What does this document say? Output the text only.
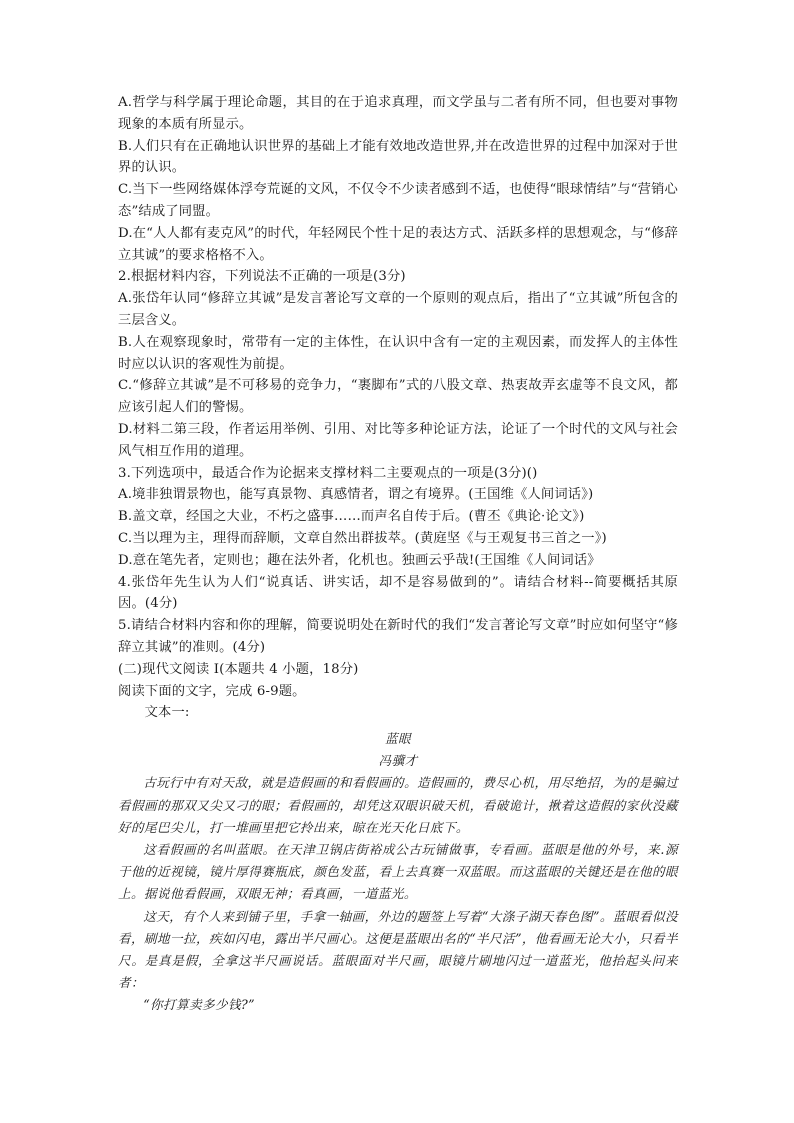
A.哲学与科学属于理论命题，其目的在于追求真理，而文学虽与二者有所不同，但也要对事物现象的本质有所显示。

B.人们只有在正确地认识世界的基础上才能有效地改造世界,并在改造世界的过程中加深对于世界的认识。

C.当下一些网络媒体浮夸荒诞的文风，不仅令不少读者感到不适，也使得“眼球情结”与“营销心态”结成了同盟。

D.在“人人都有麦克风”的时代，年轻网民个性十足的表达方式、活跃多样的思想观念，与“修辞立其诚”的要求格格不入。

2.根据材料内容，下列说法不正确的一项是(3分)

A.张岱年认同“修辞立其诚”是发言著论写文章的一个原则的观点后，指出了“立其诚”所包含的三层含义。

B.人在观察现象时，常带有一定的主体性，在认识中含有一定的主观因素，而发挥人的主体性时应以认识的客观性为前提。

C.“修辞立其诚”是不可移易的竞争力，“裹脚布”式的八股文章、热衷故弄玄虚等不良文风，都应该引起人们的警惕。

D.材料二第三段，作者运用举例、引用、对比等多种论证方法，论证了一个时代的文风与社会风气相互作用的道理。

3.下列选项中，最适合作为论据来支撑材料二主要观点的一项是(3分)()

A.境非独谓景物也，能写真景物、真感情者，谓之有境界。(王国维《人间词话》)

B.盖文章，经国之大业，不朽之盛事……而声名自传于后。(曹丕《典论·论文》)

C.当以理为主，理得而辞顺，文章自然出群拔萃。(黄庭坚《与王观复书三首之一》)

D.意在笔先者，定则也；趣在法外者，化机也。独画云乎哉!(王国维《人间词话》

4.张岱年先生认为人们“说真话、讲实话，却不是容易做到的”。请结合材料--简要概括其原因。(4分)

5.请结合材料内容和你的理解，简要说明处在新时代的我们“发言著论写文章”时应如何坚守“修辞立其诚”的准则。(4分)

(二)现代文阅读 I(本题共 4 小题，18分)

阅读下面的文字，完成 6-9题。

文本一:

蓝眼

冯骥才

古玩行中有对天敌，就是造假画的和看假画的。造假画的，费尽心机，用尽绝招，为的是骗过看假画的那双又尖又刁的眼；看假画的，却凭这双眼识破天机，看破诡计，揪着这造假的家伙没藏好的尾巴尖儿，打一堆画里把它拎出来，晾在光天化日底下。

这看假画的名叫蓝眼。在天津卫锅店街裕成公古玩铺做事，专看画。蓝眼是他的外号，来.源于他的近视镜，镜片厚得赛瓶底，颜色发蓝，看上去真赛一双蓝眼。而这蓝眼的关键还是在他的眼上。据说他看假画，双眼无神；看真画，一道蓝光。

这天，有个人来到铺子里，手拿一轴画，外边的题签上写着“大涤子湖天春色图”。蓝眼看似没看，刷地一拉，疾如闪电，露出半尺画心。这便是蓝眼出名的“半尺活”，他看画无论大小，只看半尺。是真是假，全拿这半尺画说话。蓝眼面对半尺画，眼镜片刷地闪过一道蓝光，他抬起头问来者：

“你打算卖多少钱?”
